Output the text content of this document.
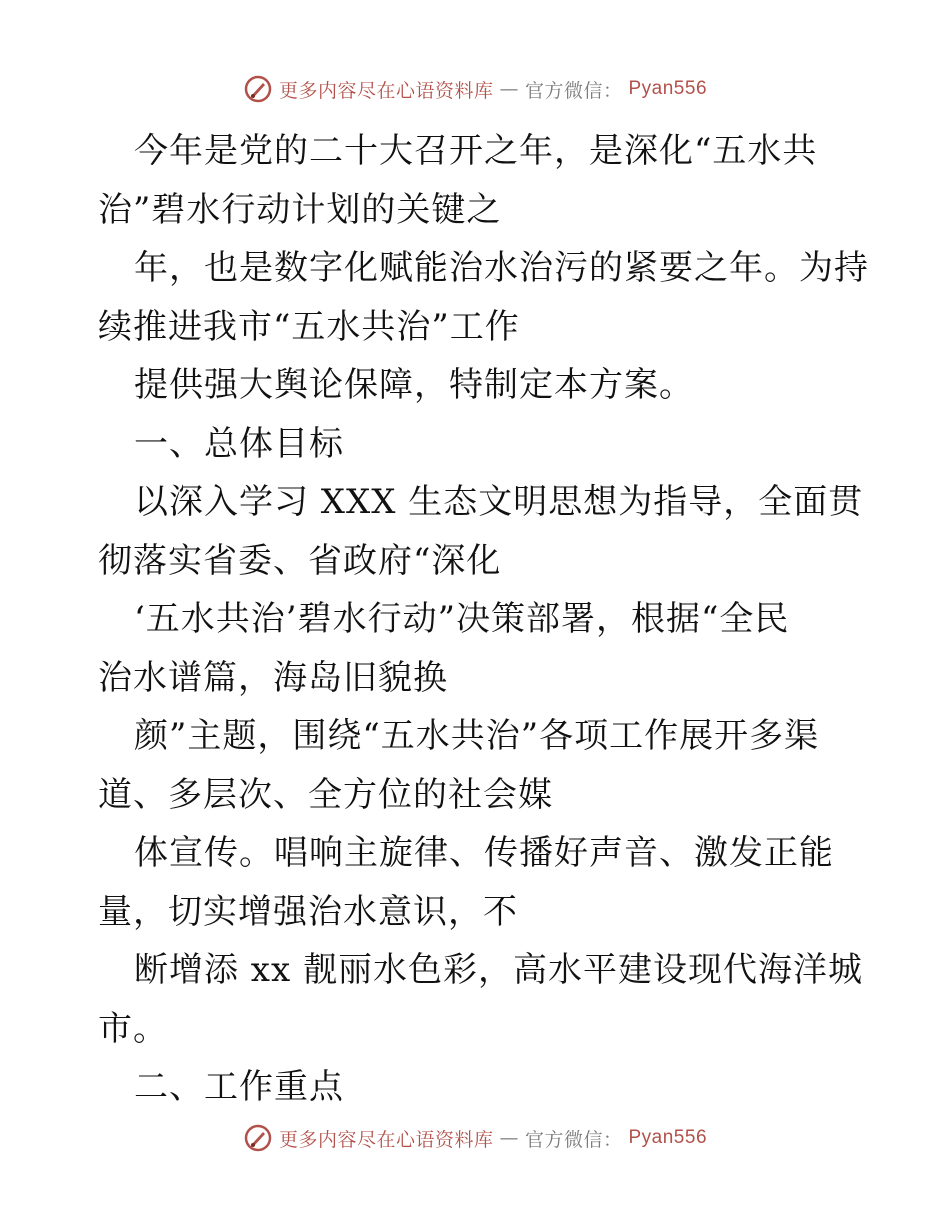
更多内容尽在心语资料库 — 官方微信： Pyan556
今年是党的二十大召开之年，是深化“五水共
治”碧水行动计划的关键之
年，也是数字化赋能治水治污的紧要之年。为持
续推进我市“五水共治”工作
提供强大舆论保障，特制定本方案。
一、总体目标
以深入学习 XXX 生态文明思想为指导，全面贯
彻落实省委、省政府“深化
‘五水共治’碧水行动”决策部署，根据“全民
治水谱篇，海岛旧貌换
颜”主题，围绕“五水共治”各项工作展开多渠
道、多层次、全方位的社会媒
体宣传。唱响主旋律、传播好声音、激发正能
量，切实增强治水意识，不
断增添 xx 靓丽水色彩，高水平建设现代海洋城
市。
二、工作重点
更多内容尽在心语资料库 — 官方微信： Pyan556
